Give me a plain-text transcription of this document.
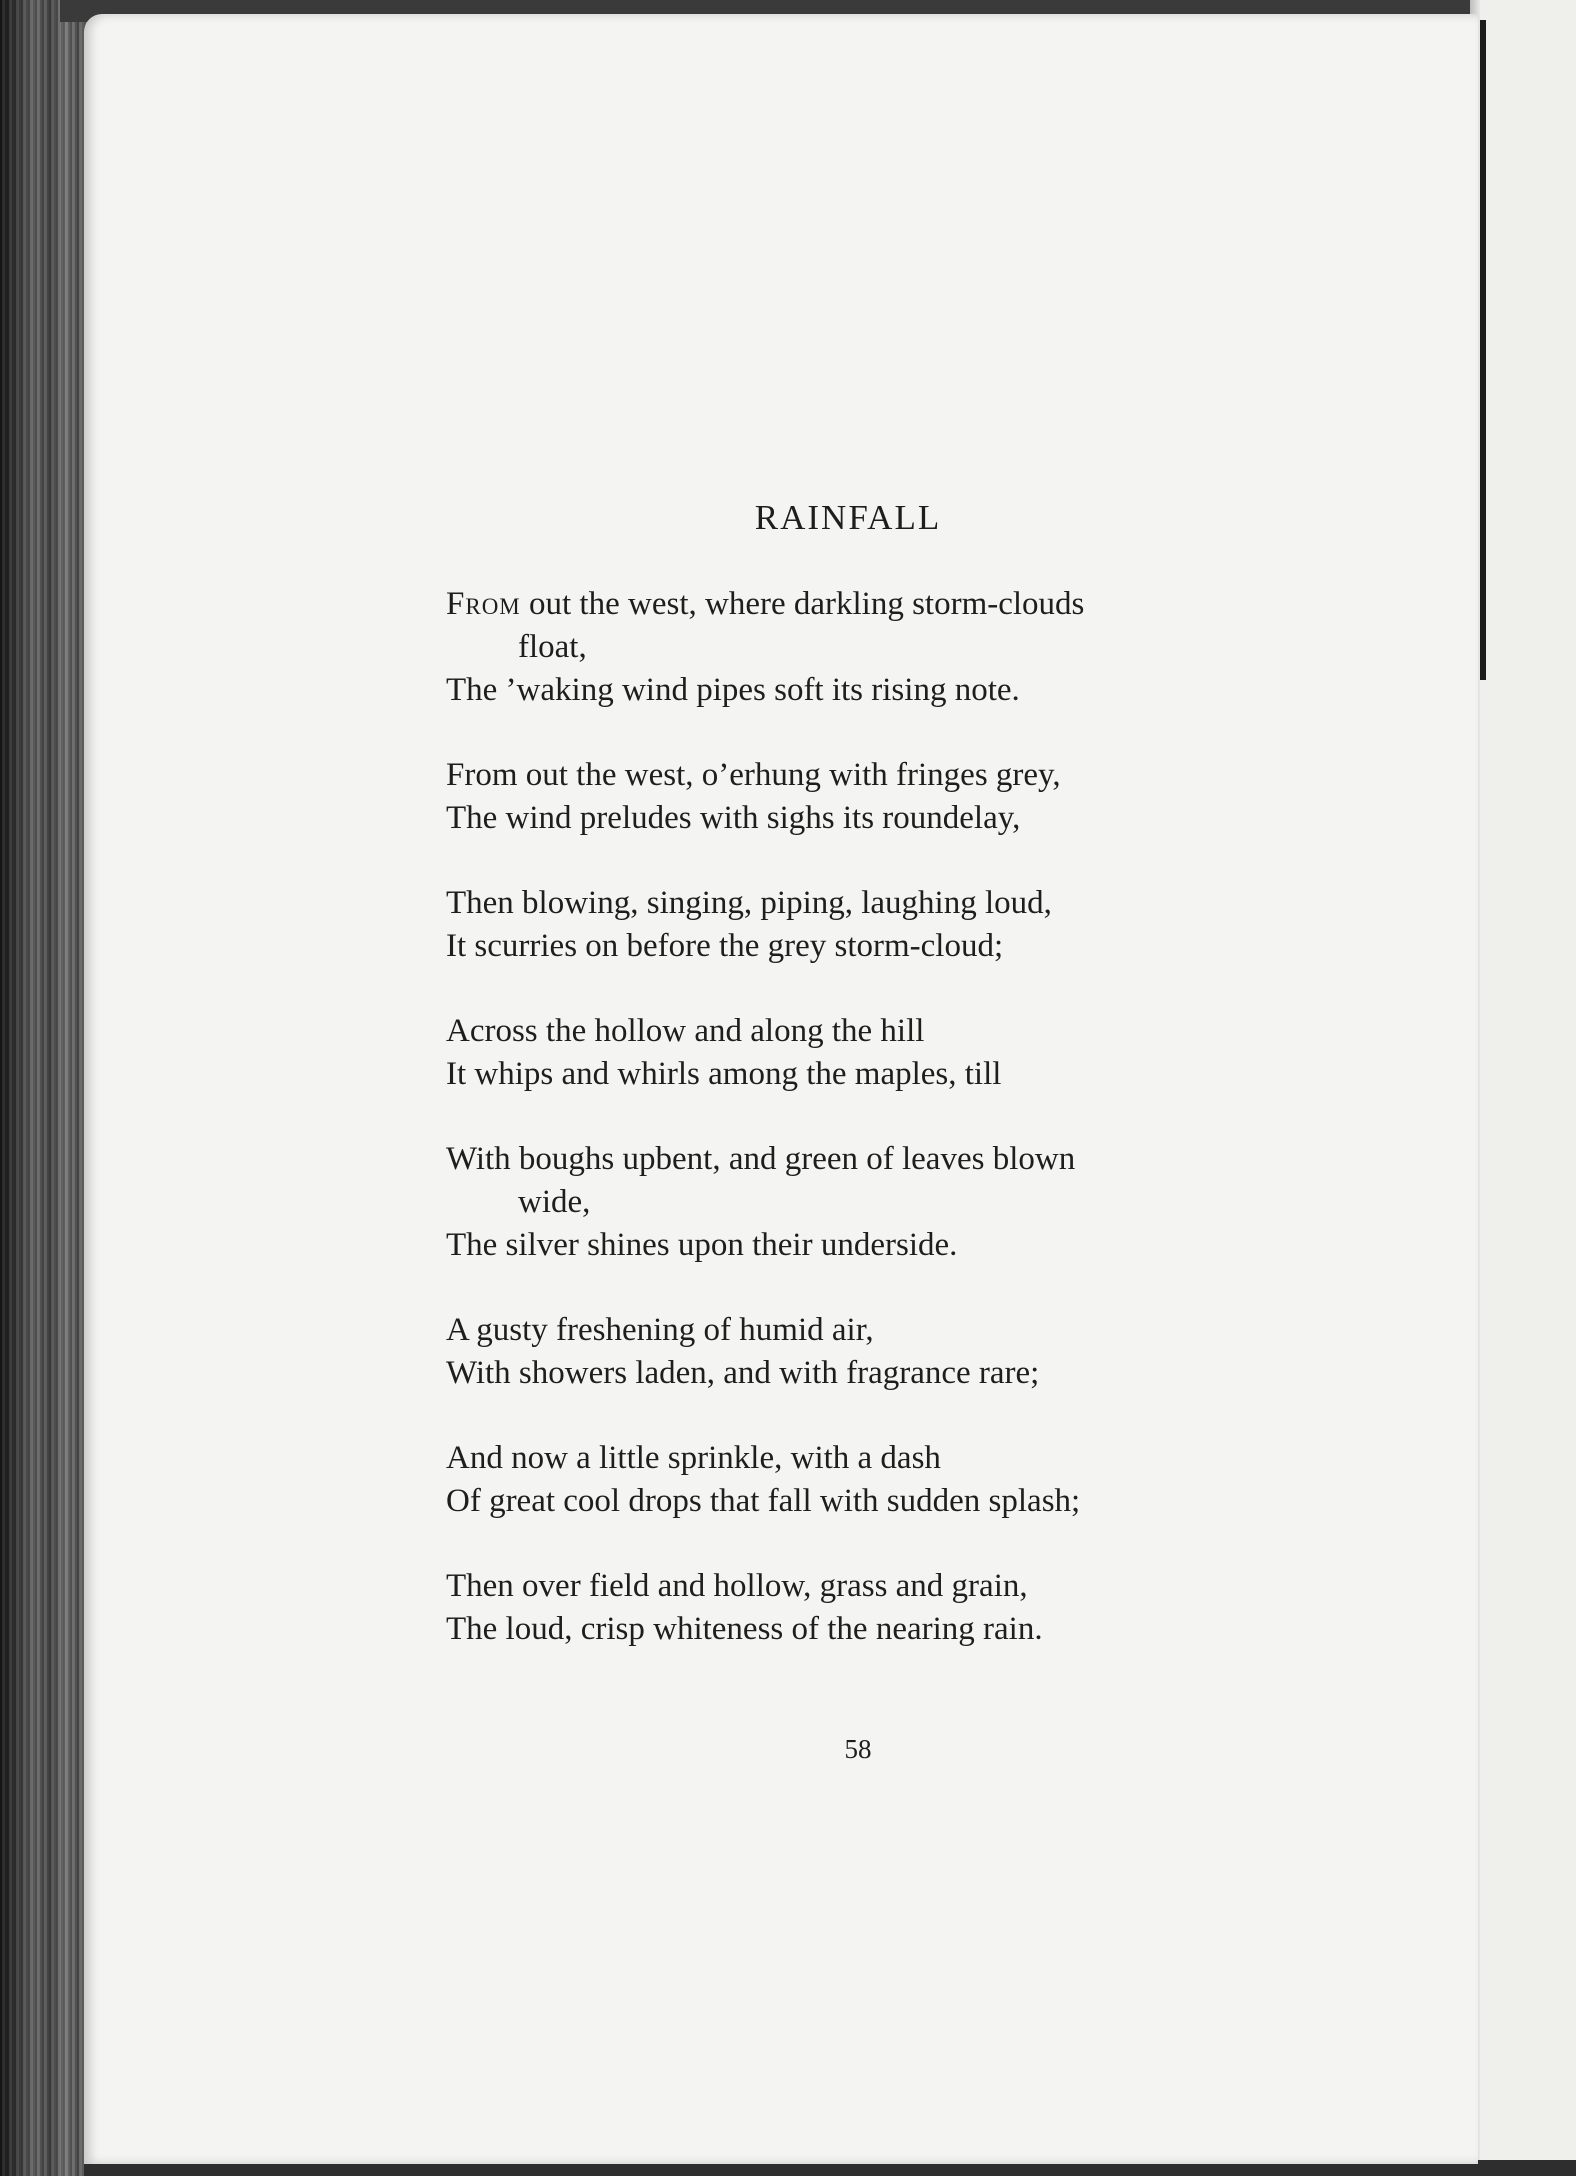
RAINFALL
From out the west, where darkling storm-clouds
float,
The ’waking wind pipes soft its rising note.
From out the west, o’erhung with fringes grey,
The wind preludes with sighs its roundelay,
Then blowing, singing, piping, laughing loud,
It scurries on before the grey storm-cloud;
Across the hollow and along the hill
It whips and whirls among the maples, till
With boughs upbent, and green of leaves blown
wide,
The silver shines upon their underside.
A gusty freshening of humid air,
With showers laden, and with fragrance rare;
And now a little sprinkle, with a dash
Of great cool drops that fall with sudden splash;
Then over field and hollow, grass and grain,
The loud, crisp whiteness of the nearing rain.
58
